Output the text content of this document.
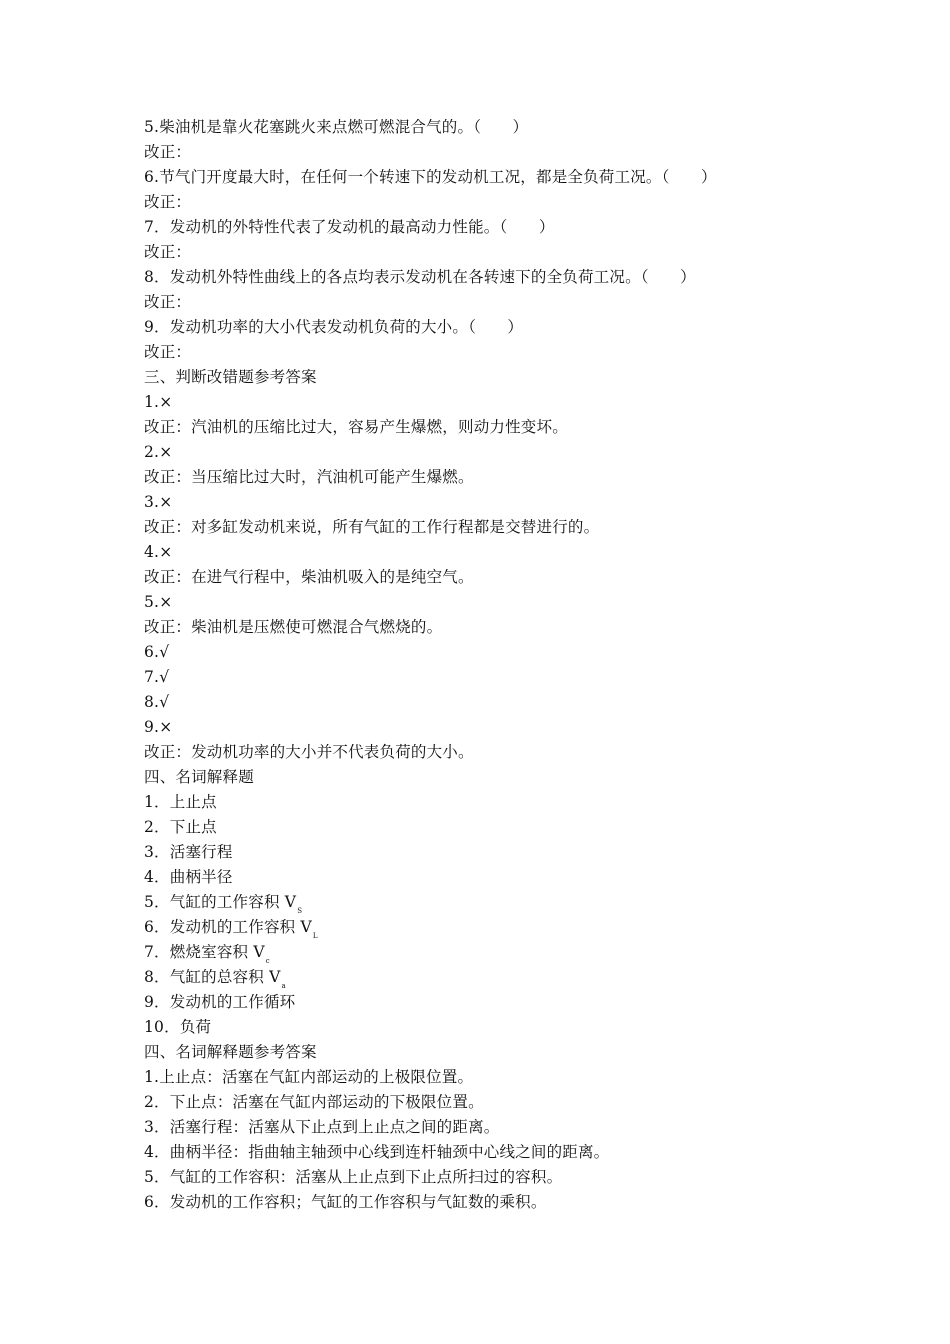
5.柴油机是靠火花塞跳火来点燃可燃混合气的。（　　）
改正：
6.节气门开度最大时，在任何一个转速下的发动机工况，都是全负荷工况。（　　）
改正：
7．发动机的外特性代表了发动机的最高动力性能。（　　）
改正：
8．发动机外特性曲线上的各点均表示发动机在各转速下的全负荷工况。（　　）
改正：
9．发动机功率的大小代表发动机负荷的大小。（　　）
改正：
三、判断改错题参考答案
1.×
改正：汽油机的压缩比过大，容易产生爆燃，则动力性变坏。
2.×
改正：当压缩比过大时，汽油机可能产生爆燃。
3.×
改正：对多缸发动机来说，所有气缸的工作行程都是交替进行的。
4.×
改正：在进气行程中，柴油机吸入的是纯空气。
5.×
改正：柴油机是压燃使可燃混合气燃烧的。
6.√
7.√
8.√
9.×
改正：发动机功率的大小并不代表负荷的大小。
四、名词解释题
1．上止点
2．下止点
3．活塞行程
4．曲柄半径
5．气缸的工作容积 $V_S$
6．发动机的工作容积 $V_L$
7．燃烧室容积 $V_c$
8．气缸的总容积 $V_a$
9．发动机的工作循环
10．负荷
四、名词解释题参考答案
1.上止点：活塞在气缸内部运动的上极限位置。
2．下止点：活塞在气缸内部运动的下极限位置。
3．活塞行程：活塞从下止点到上止点之间的距离。
4．曲柄半径：指曲轴主轴颈中心线到连杆轴颈中心线之间的距离。
5．气缸的工作容积：活塞从上止点到下止点所扫过的容积。
6．发动机的工作容积；气缸的工作容积与气缸数的乘积。
